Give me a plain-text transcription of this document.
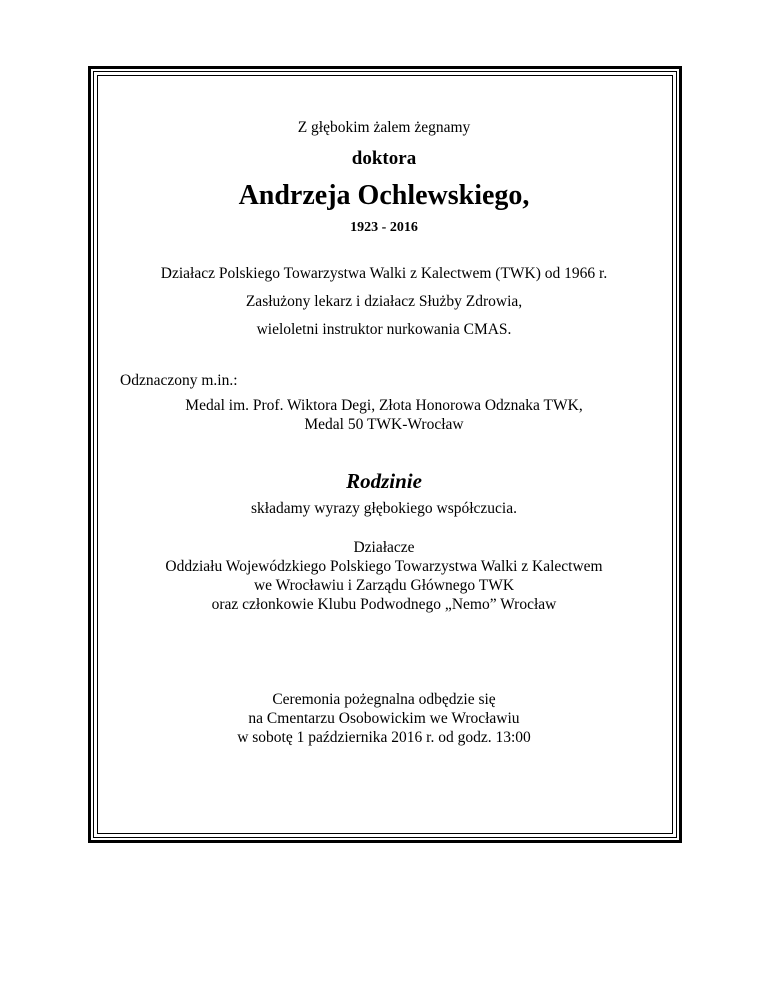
Z głębokim żalem żegnamy
doktora
Andrzeja Ochlewskiego,
1923 - 2016
Działacz Polskiego Towarzystwa Walki z Kalectwem (TWK) od 1966 r.
Zasłużony lekarz i działacz Służby Zdrowia,
wieloletni instruktor nurkowania CMAS.
Odznaczony m.in.:
Medal im. Prof. Wiktora Degi, Złota Honorowa Odznaka TWK,
Medal 50 TWK-Wrocław
Rodzinie
składamy wyrazy głębokiego współczucia.
Działacze
Oddziału Wojewódzkiego Polskiego Towarzystwa Walki z Kalectwem
we Wrocławiu i Zarządu Głównego TWK
oraz członkowie Klubu Podwodnego „Nemo” Wrocław
Ceremonia pożegnalna odbędzie się
na Cmentarzu Osobowickim we Wrocławiu
w sobotę 1 października 2016 r. od godz. 13:00
